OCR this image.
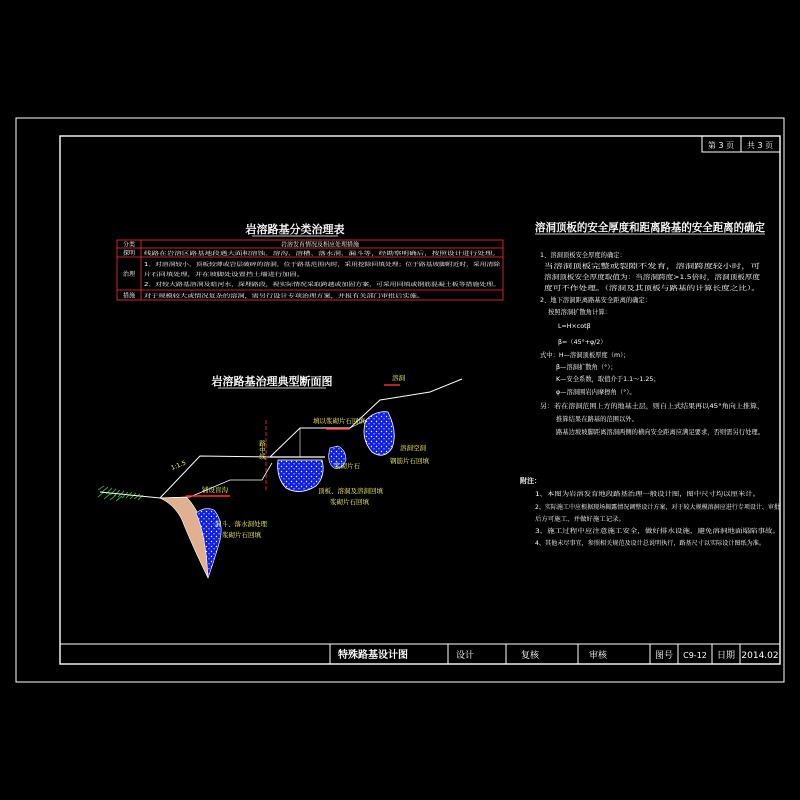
第 3 页 共 3 页
岩溶路基分类治理表
分类	岩溶发育情况及相应处理措施
探明 线路在岩溶区路基地段遇大面积溶蚀、溶沟、溶槽、落水洞、漏斗等，经勘察明确后，按照设计进行处理。
治理
1、对溶洞较小、顶板较薄或岩层破碎的溶洞，位于路基范围内时，采用挖除回填处理；位于路基坡脚附近时，采用清除
片石回填处理，并在坡脚处设置挡土墙进行加固。
2、对较大路基溶洞及暗河水，深埋路段，视实际情况采取跨越或加固方案，可采用回填或钢筋混凝土板等措施处理。
措施 对于规模较大或情况复杂的溶洞，需另行设计专项治理方案，并报有关部门审批后实施。
岩溶路基治理典型断面图	溶洞
填以浆砌片石回填
路中线
1:1.5
铺设盲沟
溶洞空洞
钢筋片石回填
浆砌片石
顶板、溶洞及溶洞回填
浆砌片石回填
漏斗、落水洞处理
浆砌片石回填
溶洞顶板的安全厚度和距离路基的安全距离的确定
1、溶洞顶板安全厚度的确定：
当溶洞顶板完整或裂隙不发育，溶洞跨度较小时，可
溶洞顶板安全厚度取值为：当溶洞跨度>1.5倍时，溶洞顶板厚度
度可不作处理。（溶洞及其顶板与路基的计算长度之比）。
2、地下溶洞距离路基安全距离的确定：
按照溶洞扩散角计算：
L=H×cotβ
β=（45°+φ/2）
式中：H—溶洞顶板厚度（m）；
β—溶洞扩散角（°）；
K—安全系数，取值介于1.1～1.25；
φ—溶洞围岩内摩擦角（°）。
另：若在溶洞范围上方的地基土层，则自上式结果再以45°角向上推算，
推算结果在路基的范围以外。
路基边坡坡脚距离溶洞两侧的横向安全距离应满足要求，否则需另行处理。
附注：
1、本图为岩溶发育地段路基治理一般设计图，图中尺寸均以厘米计。
2、实际施工中应根据现场揭露情况调整设计方案，对于较大规模溶洞应进行专项设计、审批
后方可施工，并做好施工记录。
3、施工过程中应注意施工安全，做好排水设施，避免溶洞地面塌陷事故。
4、其他未尽事宜，参照相关规范及设计总说明执行，路基尺寸以实际设计图纸为准。
特殊路基设计图	设计	复核	审核	图号 C9-12 日期 2014.02
